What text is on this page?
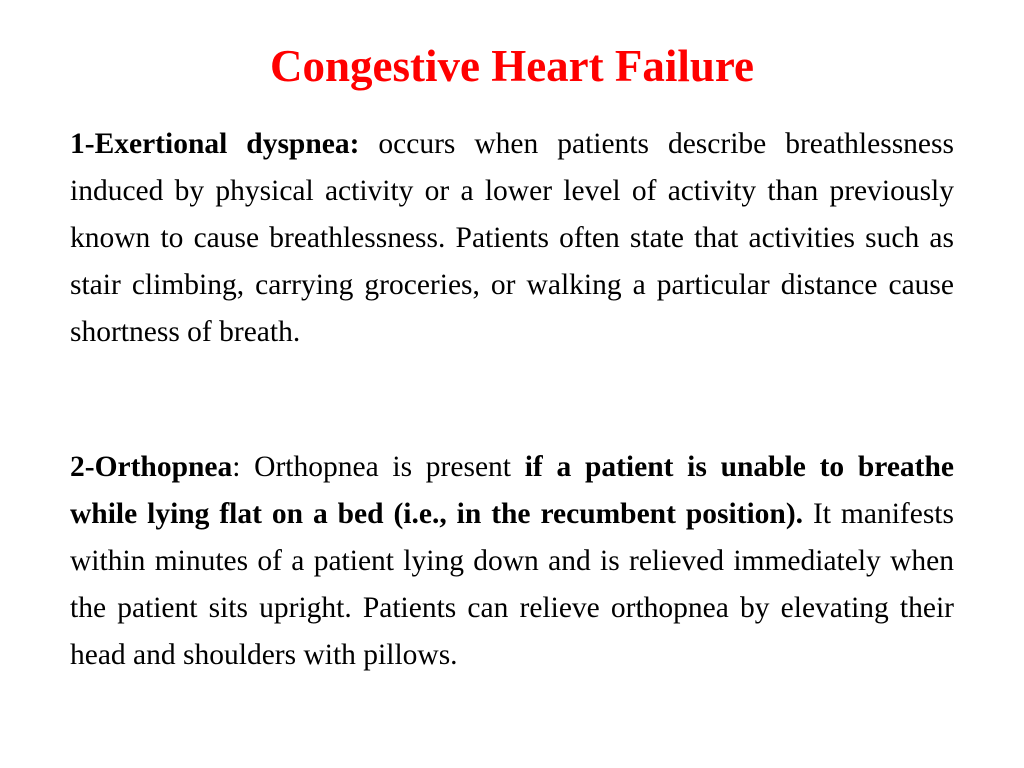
Congestive Heart Failure

1-Exertional dyspnea: occurs when patients describe breathlessness induced by physical activity or a lower level of activity than previously known to cause breathlessness. Patients often state that activities such as stair climbing, carrying groceries, or walking a particular distance cause shortness of breath.

2-Orthopnea: Orthopnea is present if a patient is unable to breathe while lying flat on a bed (i.e., in the recumbent position). It manifests within minutes of a patient lying down and is relieved immediately when the patient sits upright. Patients can relieve orthopnea by elevating their head and shoulders with pillows.
